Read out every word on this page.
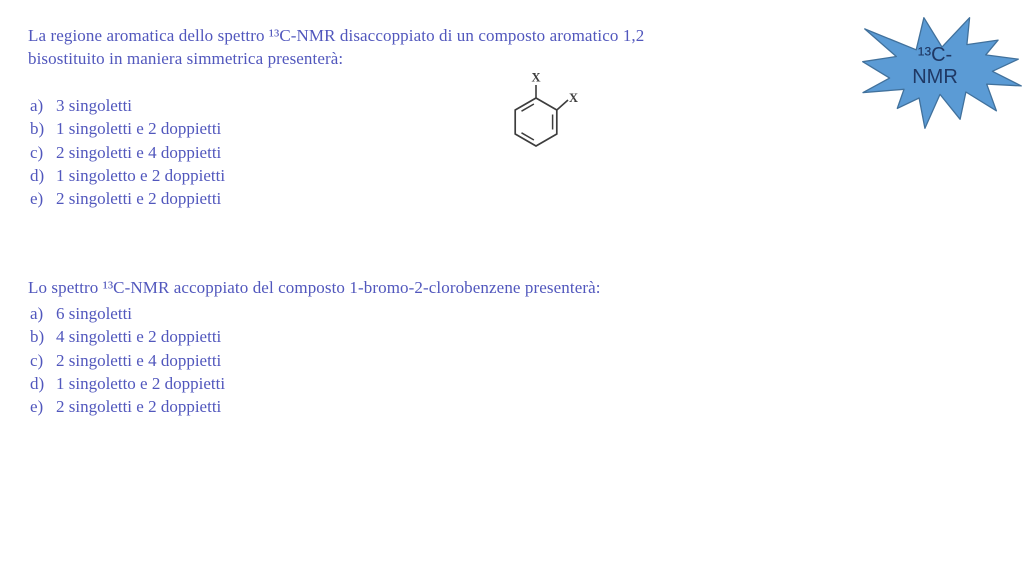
La regione aromatica dello spettro ¹³C-NMR disaccoppiato di un composto aromatico 1,2
bisostituito in maniera simmetrica presenterà:
a) 3 singoletti
b) 1 singoletti e 2 doppietti
c) 2 singoletti e 4 doppietti
d) 1 singoletto e 2 doppietti
e) 2 singoletti e 2 doppietti
X
X
Lo spettro ¹³C-NMR accoppiato del composto 1-bromo-2-clorobenzene presenterà:
a) 6 singoletti
b) 4 singoletti e 2 doppietti
c) 2 singoletti e 4 doppietti
d) 1 singoletto e 2 doppietti
e) 2 singoletti e 2 doppietti
¹³C-
NMR
